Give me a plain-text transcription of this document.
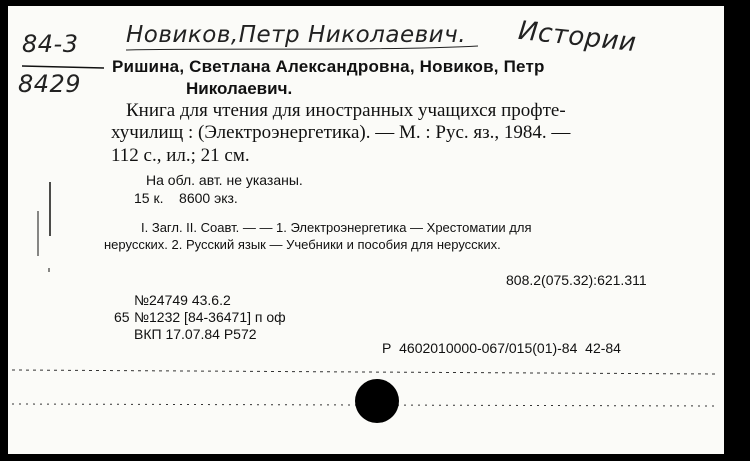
84-3
8429
Новиков,Петр Николаевич. Истории
Ришина, Светлана Александровна, Новиков, Петр
Николаевич.
Книга для чтения для иностранных учащихся профте-
хучилищ : (Электроэнергетика). — М. : Рус. яз., 1984. —
112 с., ил.; 21 см.
На обл. авт. не указаны.
15 к.    8600 экз.
I. Загл. II. Соавт. — — 1. Электроэнергетика — Хрестоматии для
нерусских. 2. Русский язык — Учебники и пособия для нерусских.
808.2(075.32):621.311
№24749 43.6.2
65 №1232 [84-36471] п оф
ВКП 17.07.84 Р572
Р  4602010000-067/015(01)-84  42-84
